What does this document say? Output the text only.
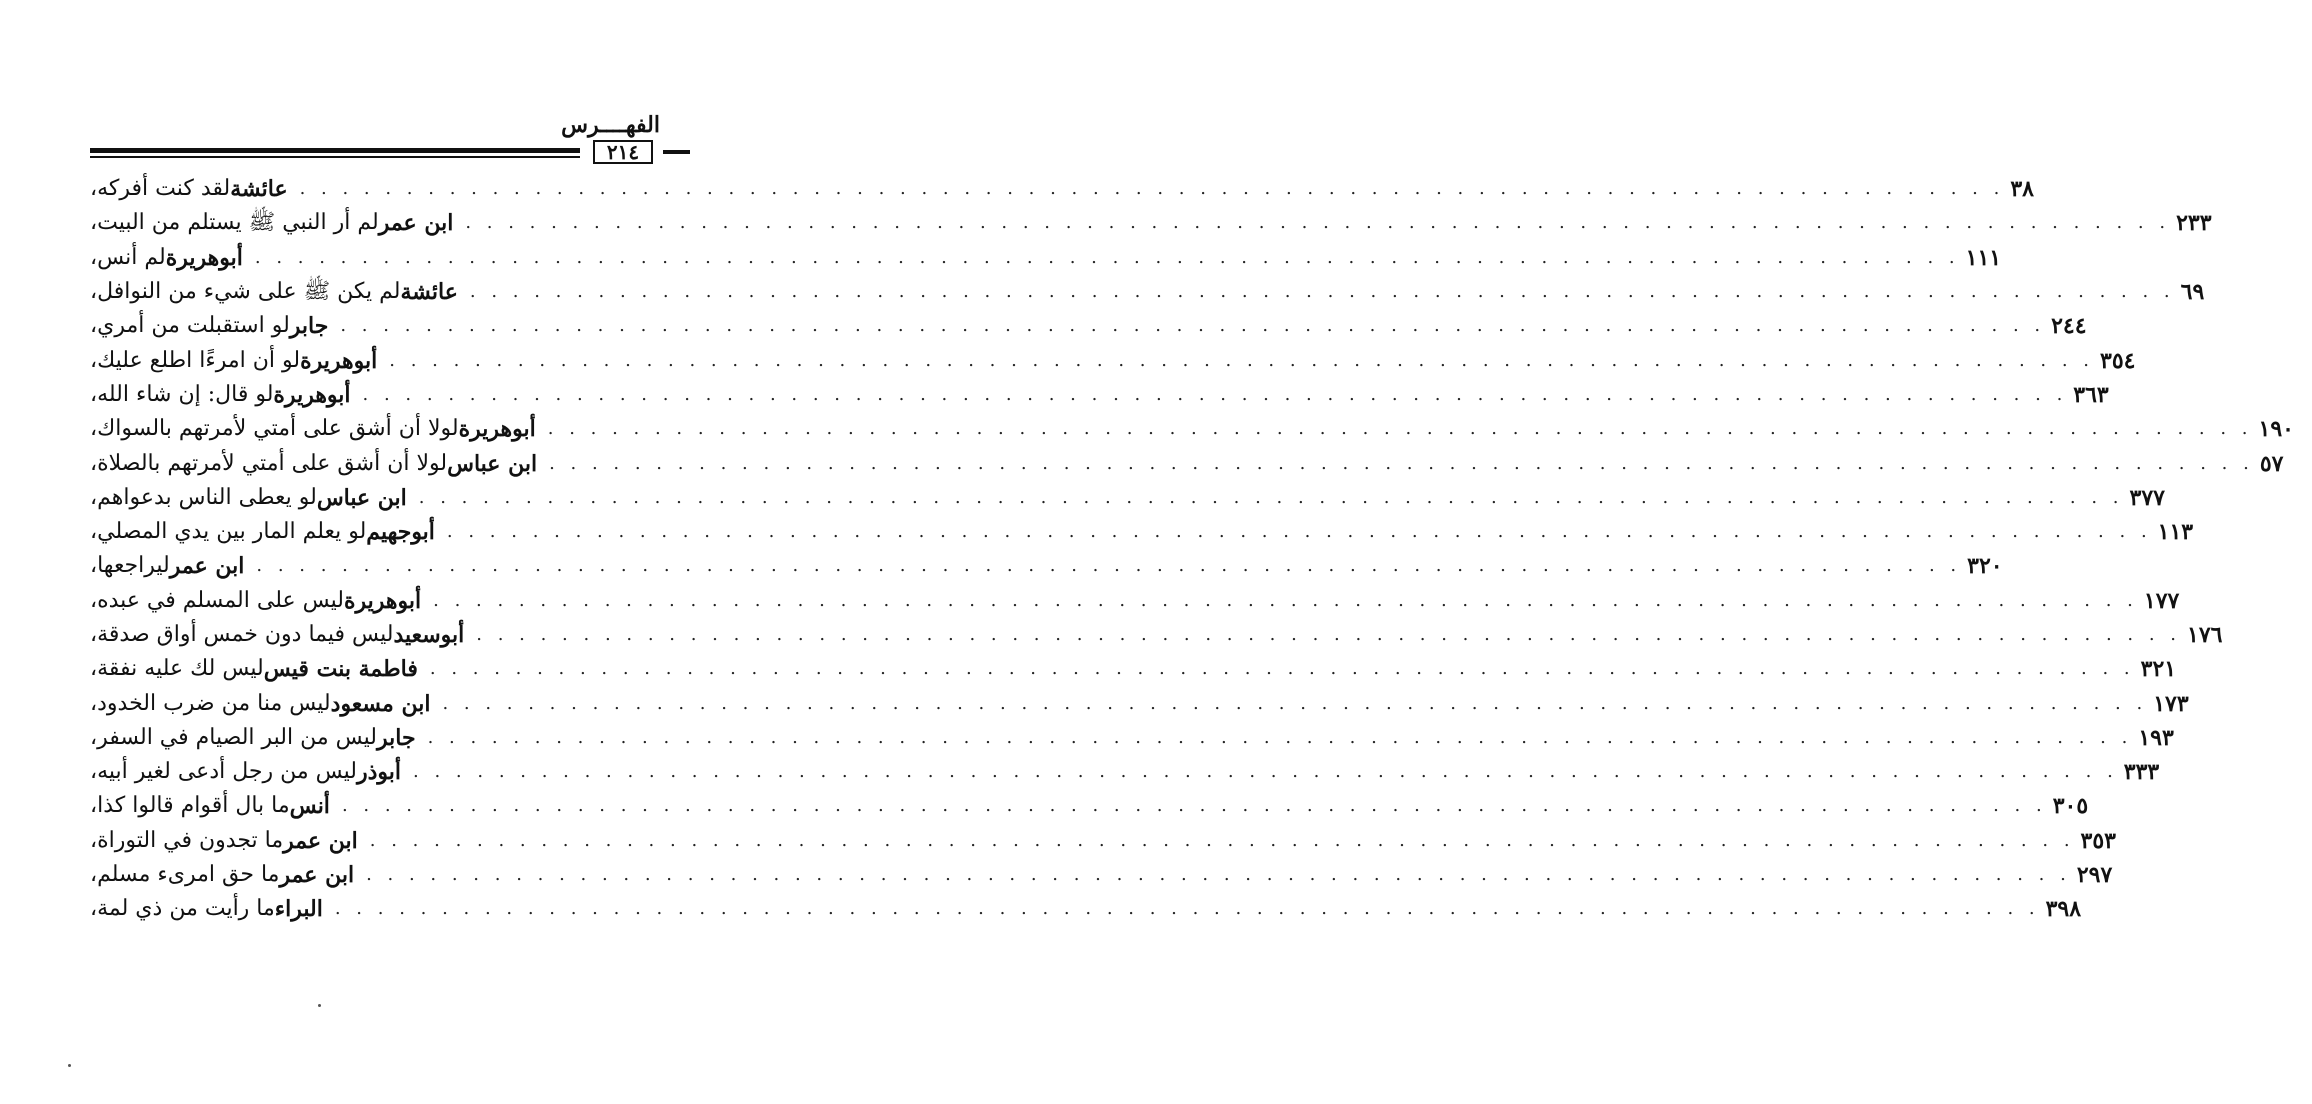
الفهــــرس
٢١٤
لقد كنت أفركه، عائشة . . . . . . . . . . . . . . . . . . . . . . . . . . . . . . . . . . . . . . . . . . . . . . . . . . . . . . . . . . . . . . . . . . . . . . . . . . . . . . . . ٣٨
لم أر النبي ﷺ يستلم من البيت، ابن عمر . . . . . . . . . . . . . . . . . . . . . . . . . . . . . . . . . . . . . . . . . . . . . . . . . . . . . . . . . . . . . . . . . . . . . . . . . . . . . . . . ٢٣٣
لم أنس، أبوهريرة . . . . . . . . . . . . . . . . . . . . . . . . . . . . . . . . . . . . . . . . . . . . . . . . . . . . . . . . . . . . . . . . . . . . . . . . . . . . . . . . ١١١
لم يكن ﷺ على شيء من النوافل، عائشة . . . . . . . . . . . . . . . . . . . . . . . . . . . . . . . . . . . . . . . . . . . . . . . . . . . . . . . . . . . . . . . . . . . . . . . . . . . . . . . . ٦٩
لو استقبلت من أمري، جابر . . . . . . . . . . . . . . . . . . . . . . . . . . . . . . . . . . . . . . . . . . . . . . . . . . . . . . . . . . . . . . . . . . . . . . . . . . . . . . . . ٢٤٤
لو أن امرءًا اطلع عليك، أبوهريرة . . . . . . . . . . . . . . . . . . . . . . . . . . . . . . . . . . . . . . . . . . . . . . . . . . . . . . . . . . . . . . . . . . . . . . . . . . . . . . . . ٣٥٤
لو قال: إن شاء الله، أبوهريرة . . . . . . . . . . . . . . . . . . . . . . . . . . . . . . . . . . . . . . . . . . . . . . . . . . . . . . . . . . . . . . . . . . . . . . . . . . . . . . . . ٣٦٣
لولا أن أشق على أمتي لأمرتهم بالسواك، أبوهريرة . . . . . . . . . . . . . . . . . . . . . . . . . . . . . . . . . . . . . . . . . . . . . . . . . . . . . . . . . . . . . . . . . . . . . . . . . . . . . . . . ١٩٠
لولا أن أشق على أمتي لأمرتهم بالصلاة، ابن عباس . . . . . . . . . . . . . . . . . . . . . . . . . . . . . . . . . . . . . . . . . . . . . . . . . . . . . . . . . . . . . . . . . . . . . . . . . . . . . . . . ٥٧
لو يعطى الناس بدعواهم، ابن عباس . . . . . . . . . . . . . . . . . . . . . . . . . . . . . . . . . . . . . . . . . . . . . . . . . . . . . . . . . . . . . . . . . . . . . . . . . . . . . . . . ٣٧٧
لو يعلم المار بين يدي المصلي، أبوجهيم . . . . . . . . . . . . . . . . . . . . . . . . . . . . . . . . . . . . . . . . . . . . . . . . . . . . . . . . . . . . . . . . . . . . . . . . . . . . . . . . ١١٣
ليراجعها، ابن عمر . . . . . . . . . . . . . . . . . . . . . . . . . . . . . . . . . . . . . . . . . . . . . . . . . . . . . . . . . . . . . . . . . . . . . . . . . . . . . . . . ٣٢٠
ليس على المسلم في عبده، أبوهريرة . . . . . . . . . . . . . . . . . . . . . . . . . . . . . . . . . . . . . . . . . . . . . . . . . . . . . . . . . . . . . . . . . . . . . . . . . . . . . . . . ١٧٧
ليس فيما دون خمس أواق صدقة، أبوسعيد . . . . . . . . . . . . . . . . . . . . . . . . . . . . . . . . . . . . . . . . . . . . . . . . . . . . . . . . . . . . . . . . . . . . . . . . . . . . . . . . ١٧٦
ليس لك عليه نفقة، فاطمة بنت قيس . . . . . . . . . . . . . . . . . . . . . . . . . . . . . . . . . . . . . . . . . . . . . . . . . . . . . . . . . . . . . . . . . . . . . . . . . . . . . . . . ٣٢١
ليس منا من ضرب الخدود، ابن مسعود . . . . . . . . . . . . . . . . . . . . . . . . . . . . . . . . . . . . . . . . . . . . . . . . . . . . . . . . . . . . . . . . . . . . . . . . . . . . . . . . ١٧٣
ليس من البر الصيام في السفر، جابر . . . . . . . . . . . . . . . . . . . . . . . . . . . . . . . . . . . . . . . . . . . . . . . . . . . . . . . . . . . . . . . . . . . . . . . . . . . . . . . . ١٩٣
ليس من رجل أدعى لغير أبيه، أبوذر . . . . . . . . . . . . . . . . . . . . . . . . . . . . . . . . . . . . . . . . . . . . . . . . . . . . . . . . . . . . . . . . . . . . . . . . . . . . . . . . ٣٣٣
ما بال أقوام قالوا كذا، أنس . . . . . . . . . . . . . . . . . . . . . . . . . . . . . . . . . . . . . . . . . . . . . . . . . . . . . . . . . . . . . . . . . . . . . . . . . . . . . . . . ٣٠٥
ما تجدون في التوراة، ابن عمر . . . . . . . . . . . . . . . . . . . . . . . . . . . . . . . . . . . . . . . . . . . . . . . . . . . . . . . . . . . . . . . . . . . . . . . . . . . . . . . . ٣٥٣
ما حق امرىء مسلم، ابن عمر . . . . . . . . . . . . . . . . . . . . . . . . . . . . . . . . . . . . . . . . . . . . . . . . . . . . . . . . . . . . . . . . . . . . . . . . . . . . . . . . ٢٩٧
ما رأيت من ذي لمة، البراء . . . . . . . . . . . . . . . . . . . . . . . . . . . . . . . . . . . . . . . . . . . . . . . . . . . . . . . . . . . . . . . . . . . . . . . . . . . . . . . . ٣٩٨
